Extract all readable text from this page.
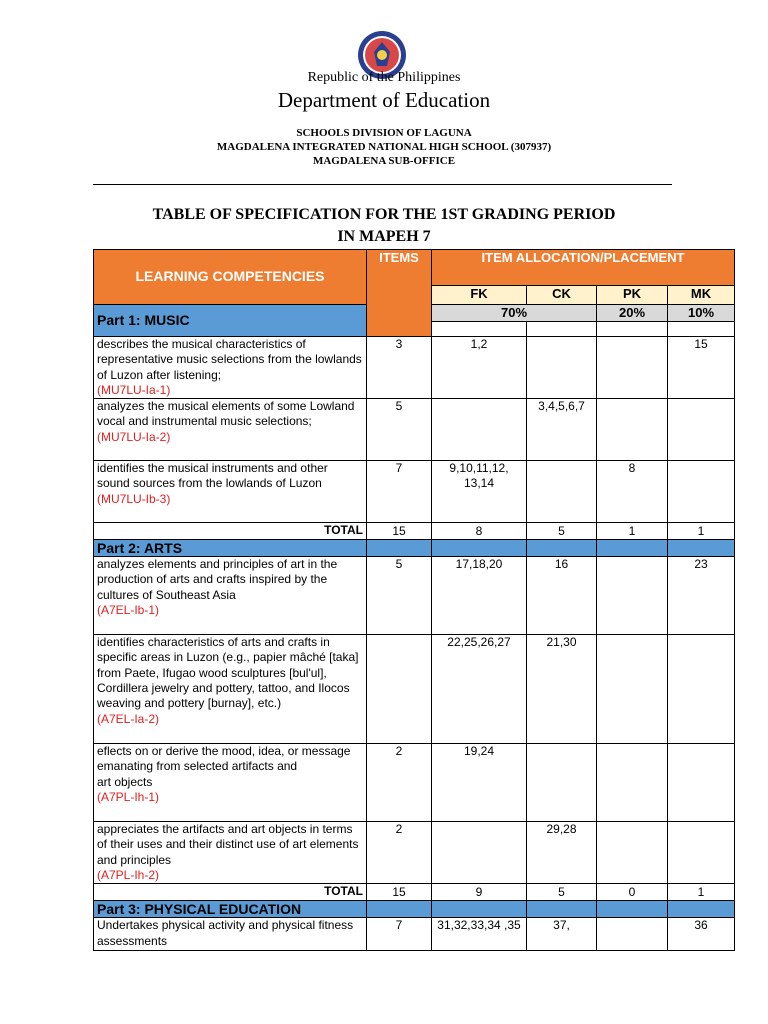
Republic of the Philippines
Department of Education
SCHOOLS DIVISION OF LAGUNA
MAGDALENA INTEGRATED NATIONAL HIGH SCHOOL (307937)
MAGDALENA SUB-OFFICE
TABLE OF SPECIFICATION FOR THE 1ST GRADING PERIOD
IN MAPEH 7
LEARNING COMPETENCIES	ITEMS	ITEM ALLOCATION/PLACEMENT			
		FK	CK	PK	MK
Part 1: MUSIC		70%		20%	10%

describes the musical characteristics of representative music selections from the lowlands of Luzon after listening;
(MU7LU-Ia-1)	3	1,2			15
analyzes the musical elements of some Lowland vocal and instrumental music selections;
(MU7LU-Ia-2)	5		3,4,5,6,7		
identifies the musical instruments and other sound sources from the lowlands of Luzon
(MU7LU-Ib-3)	7	9,10,11,12, 13,14		8	
TOTAL	15	8	5	1	1
Part 2: ARTS					
analyzes elements and principles of art in the production of arts and crafts inspired by the cultures of Southeast Asia
(A7EL-Ib-1)	5	17,18,20	16		23
identifies characteristics of arts and crafts in specific areas in Luzon (e.g., papier mâché [taka] from Paete, Ifugao wood sculptures [bul'ul], Cordillera jewelry and pottery, tattoo, and Ilocos weaving and pottery [burnay], etc.)
(A7EL-Ia-2)		22,25,26,27	21,30		
eflects on or derive the mood, idea, or message emanating from selected artifacts and
art objects
(A7PL-Ih-1)	2	19,24			
appreciates the artifacts and art objects in terms of their uses and their distinct use of art elements and principles
(A7PL-Ih-2)	2		29,28		
TOTAL	15	9	5	0	1
Part 3: PHYSICAL EDUCATION					
Undertakes physical activity and physical fitness assessments	7	31,32,33,34 ,35	37,		36
